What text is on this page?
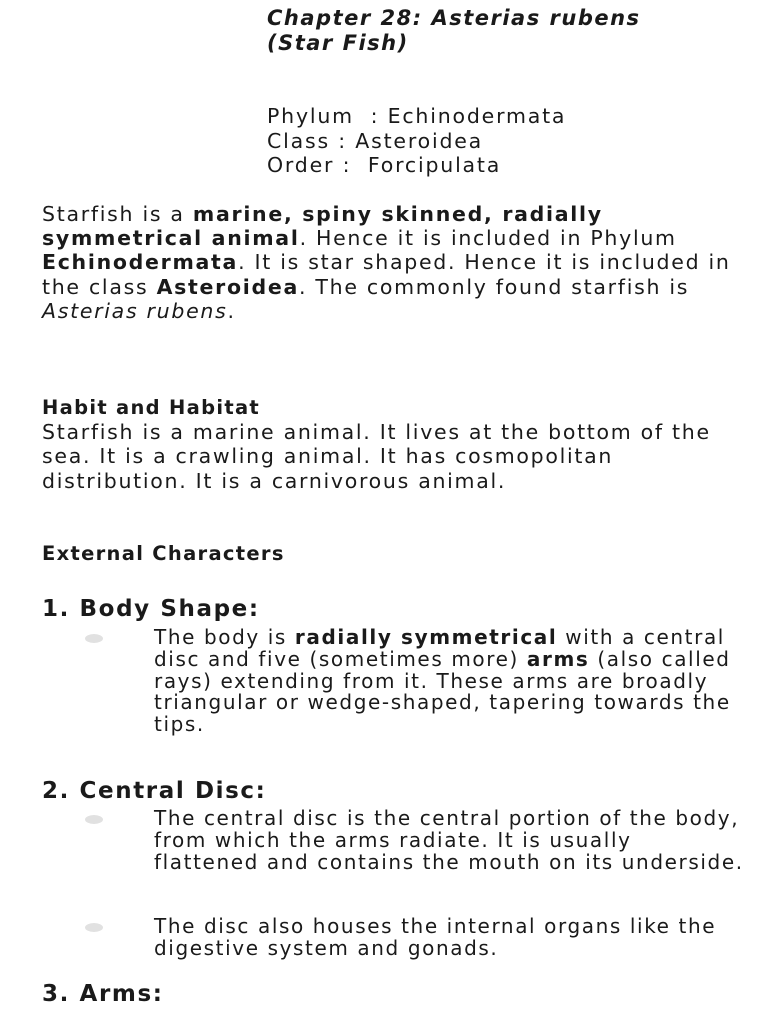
Chapter 28: Asterias rubens (Star Fish)
Phylum  : Echinodermata
Class : Asteroidea
Order :  Forcipulata
Starfish is a marine, spiny skinned, radially symmetrical animal. Hence it is included in Phylum Echinodermata. It is star shaped. Hence it is included in the class Asteroidea. The commonly found starfish is Asterias rubens.
Habit and Habitat
Starfish is a marine animal. It lives at the bottom of the sea. It is a crawling animal. It has cosmopolitan distribution. It is a carnivorous animal.
External Characters
1. Body Shape:
The body is radially symmetrical with a central disc and five (sometimes more) arms (also called rays) extending from it. These arms are broadly triangular or wedge-shaped, tapering towards the tips.
2. Central Disc:
The central disc is the central portion of the body, from which the arms radiate. It is usually flattened and contains the mouth on its underside.
The disc also houses the internal organs like the digestive system and gonads.
3. Arms:
